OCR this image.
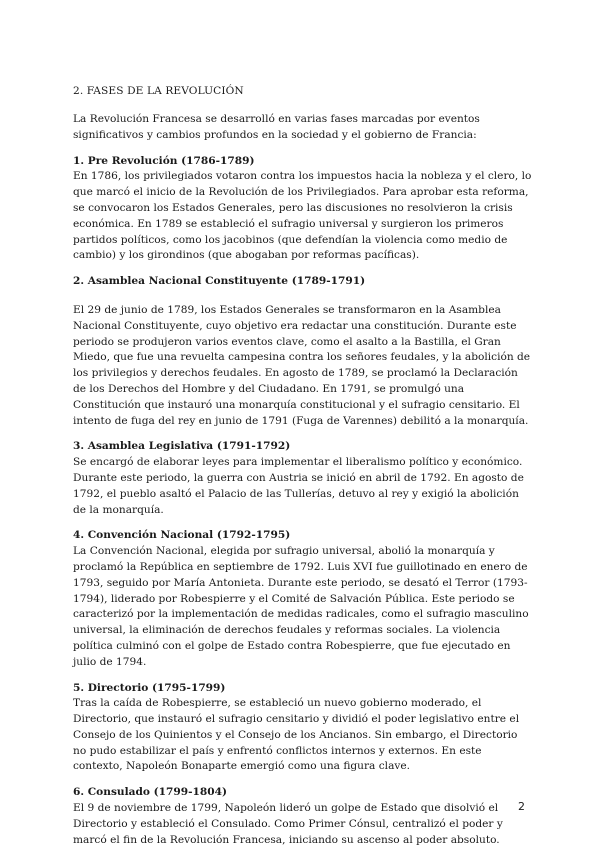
2. FASES DE LA REVOLUCIÓN

La Revolución Francesa se desarrolló en varias fases marcadas por eventos significativos y cambios profundos en la sociedad y el gobierno de Francia:

1. Pre Revolución (1786-1789)

En 1786, los privilegiados votaron contra los impuestos hacia la nobleza y el clero, lo que marcó el inicio de la Revolución de los Privilegiados. Para aprobar esta reforma, se convocaron los Estados Generales, pero las discusiones no resolvieron la crisis económica. En 1789 se estableció el sufragio universal y surgieron los primeros partidos políticos, como los jacobinos (que defendían la violencia como medio de cambio) y los girondinos (que abogaban por reformas pacíficas).

2. Asamblea Nacional Constituyente (1789-1791)

El 29 de junio de 1789, los Estados Generales se transformaron en la Asamblea Nacional Constituyente, cuyo objetivo era redactar una constitución. Durante este periodo se produjeron varios eventos clave, como el asalto a la Bastilla, el Gran Miedo, que fue una revuelta campesina contra los señores feudales, y la abolición de los privilegios y derechos feudales. En agosto de 1789, se proclamó la Declaración de los Derechos del Hombre y del Ciudadano. En 1791, se promulgó una Constitución que instauró una monarquía constitucional y el sufragio censitario. El intento de fuga del rey en junio de 1791 (Fuga de Varennes) debilitó a la monarquía.

3. Asamblea Legislativa (1791-1792)

Se encargó de elaborar leyes para implementar el liberalismo político y económico. Durante este periodo, la guerra con Austria se inició en abril de 1792. En agosto de 1792, el pueblo asaltó el Palacio de las Tullerías, detuvo al rey y exigió la abolición de la monarquía.

4. Convención Nacional (1792-1795)

La Convención Nacional, elegida por sufragio universal, abolió la monarquía y proclamó la República en septiembre de 1792. Luis XVI fue guillotinado en enero de 1793, seguido por María Antonieta. Durante este periodo, se desató el Terror (1793-1794), liderado por Robespierre y el Comité de Salvación Pública. Este periodo se caracterizó por la implementación de medidas radicales, como el sufragio masculino universal, la eliminación de derechos feudales y reformas sociales. La violencia política culminó con el golpe de Estado contra Robespierre, que fue ejecutado en julio de 1794.

5. Directorio (1795-1799)

Tras la caída de Robespierre, se estableció un nuevo gobierno moderado, el Directorio, que instauró el sufragio censitario y dividió el poder legislativo entre el Consejo de los Quinientos y el Consejo de los Ancianos. Sin embargo, el Directorio no pudo estabilizar el país y enfrentó conflictos internos y externos. En este contexto, Napoleón Bonaparte emergió como una figura clave.

6. Consulado (1799-1804)

El 9 de noviembre de 1799, Napoleón lideró un golpe de Estado que disolvió el Directorio y estableció el Consulado. Como Primer Cónsul, centralizó el poder y marcó el fin de la Revolución Francesa, iniciando su ascenso al poder absoluto.

2
